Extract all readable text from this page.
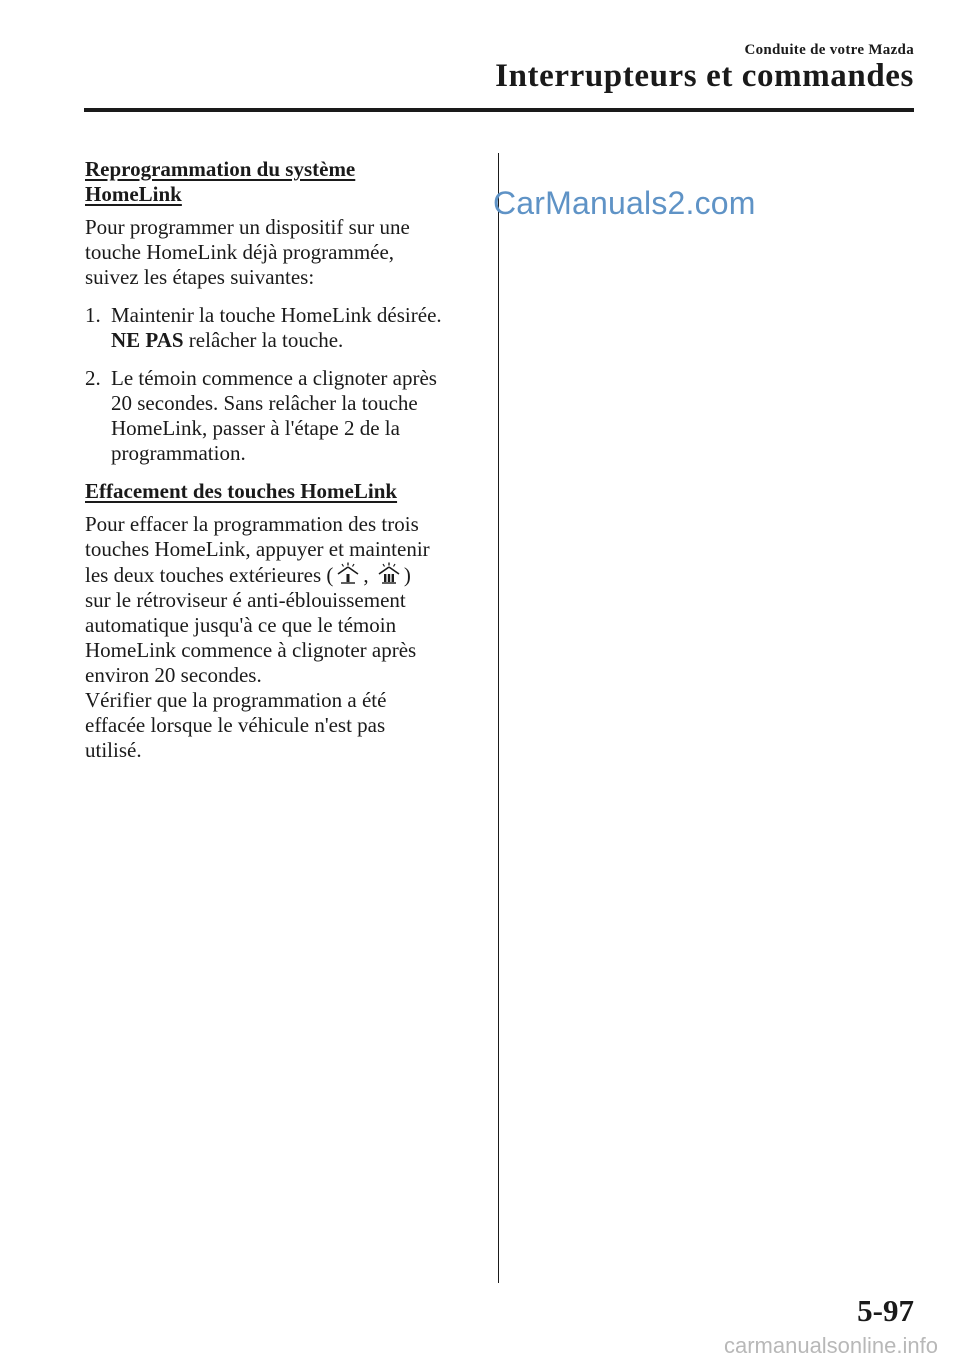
Conduite de votre Mazda
Interrupteurs et commandes
CarManuals2.com
Reprogrammation du système
HomeLink

Pour programmer un dispositif sur une
touche HomeLink déjà programmée,
suivez les étapes suivantes:

1. Maintenir la touche HomeLink désirée.
NE PAS relâcher la touche.
2. Le témoin commence a clignoter après
20 secondes. Sans relâcher la touche
HomeLink, passer à l'étape 2 de la
programmation.
Effacement des touches HomeLink

Pour effacer la programmation des trois
touches HomeLink, appuyer et maintenir
les deux touches extérieures ( , )
sur le rétroviseur é anti-éblouissement
automatique jusqu'à ce que le témoin
HomeLink commence à clignoter après
environ 20 secondes.
Vérifier que la programmation a été
effacée lorsque le véhicule n'est pas
utilisé.

5-97
carmanualsonline.info
